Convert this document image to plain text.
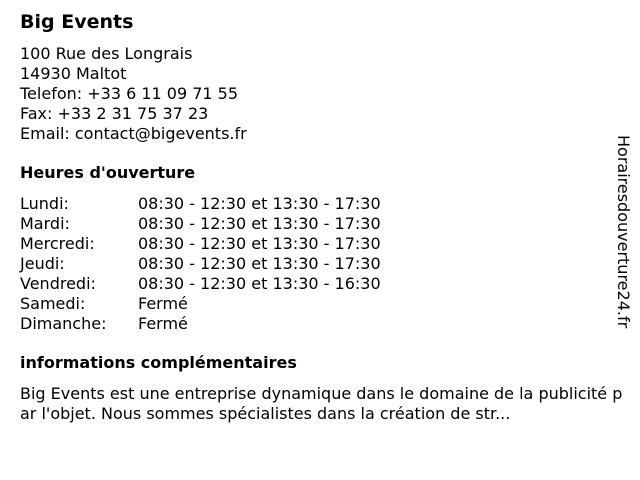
Big Events
100 Rue des Longrais
14930 Maltot
Telefon: +33 6 11 09 71 55
Fax: +33 2 31 75 37 23
Email: contact@bigevents.fr
Heures d'ouverture
Lundi:	08:30 - 12:30 et 13:30 - 17:30
Mardi:	08:30 - 12:30 et 13:30 - 17:30
Mercredi:	08:30 - 12:30 et 13:30 - 17:30
Jeudi:	08:30 - 12:30 et 13:30 - 17:30
Vendredi:	08:30 - 12:30 et 13:30 - 16:30
Samedi:	Fermé
Dimanche:	Fermé
informations complémentaires
Big Events est une entreprise dynamique dans le domaine de la publicité par l'objet. Nous sommes spécialistes dans la création de str...
Horairesdouverture24.fr
